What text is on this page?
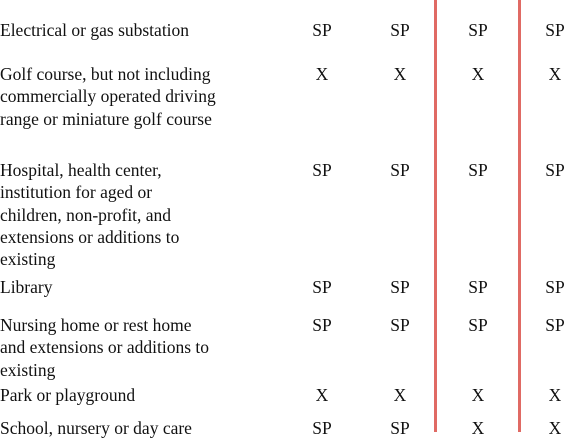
Electrical or gas substation	SP	SP	SP	SP
Golf course, but not including
commercially operated driving
range or miniature golf course
X	X	X	X
Hospital, health center,
institution for aged or
children, non-profit, and
extensions or additions to
existing
SP	SP	SP	SP
Library	SP	SP	SP	SP
Nursing home or rest home
and extensions or additions to
existing
SP	SP	SP	SP
Park or playground	X	X	X	X
School, nursery or day care	SP	SP	X	X
